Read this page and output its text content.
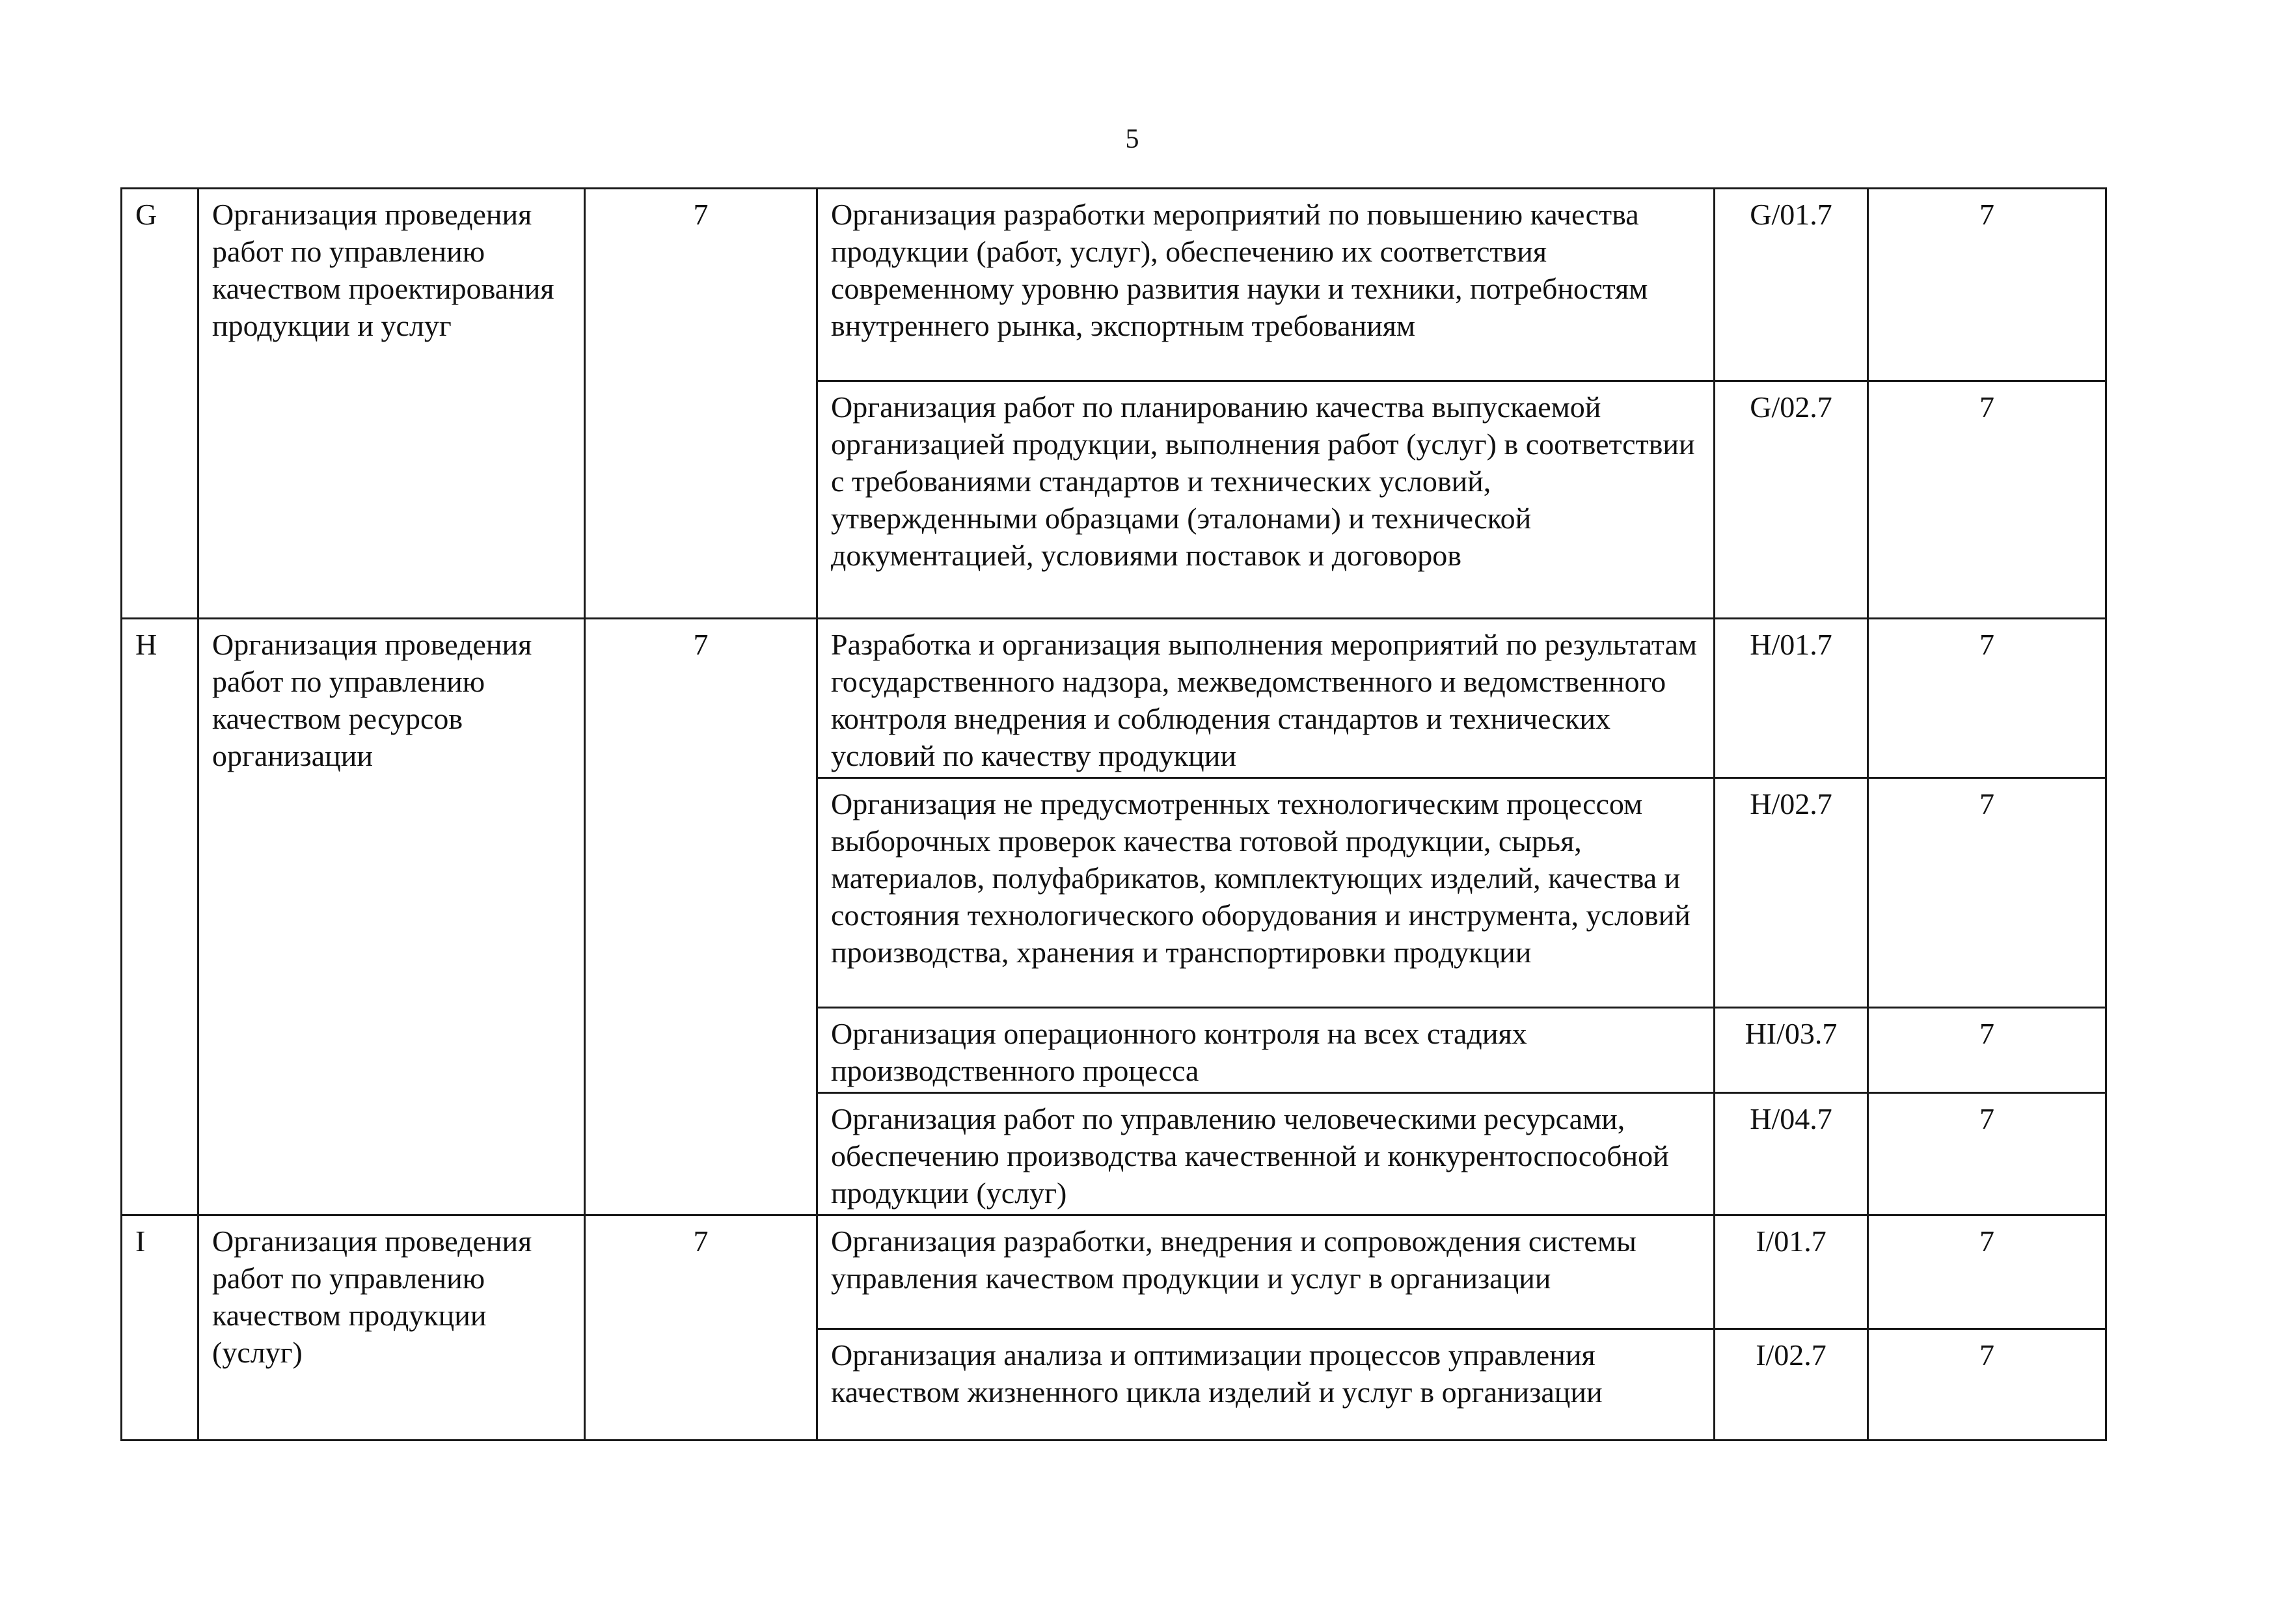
5
G	Организация проведения работ по управлению качеством проектирования продукции и услуг	7	Организация разработки мероприятий по повышению качества продукции (работ, услуг), обеспечению их соответствия современному уровню развития науки и техники, потребностям внутреннего рынка, экспортным требованиям	G/01.7	7
			Организация работ по планированию качества выпускаемой организацией продукции, выполнения работ (услуг) в соответствии с требованиями стандартов и технических условий, утвержденными образцами (эталонами) и технической документацией, условиями поставок и договоров	G/02.7	7
H	Организация проведения работ по управлению качеством ресурсов организации	7	Разработка и организация выполнения мероприятий по результатам государственного надзора, межведомственного и ведомственного контроля внедрения и соблюдения стандартов и технических условий по качеству продукции	H/01.7	7
			Организация не предусмотренных технологическим процессом выборочных проверок качества готовой продукции, сырья, материалов, полуфабрикатов, комплектующих изделий, качества и состояния технологического оборудования и инструмента, условий производства, хранения и транспортировки продукции	H/02.7	7
			Организация операционного контроля на всех стадиях производственного процесса	HI/03.7	7
			Организация работ по управлению человеческими ресурсами, обеспечению производства качественной и конкурентоспособной продукции (услуг)	H/04.7	7
I	Организация проведения работ по управлению качеством продукции (услуг)	7	Организация разработки, внедрения и сопровождения системы управления качеством продукции и услуг в организации	I/01.7	7
			Организация анализа и оптимизации процессов управления качеством жизненного цикла изделий и услуг в организации	I/02.7	7
